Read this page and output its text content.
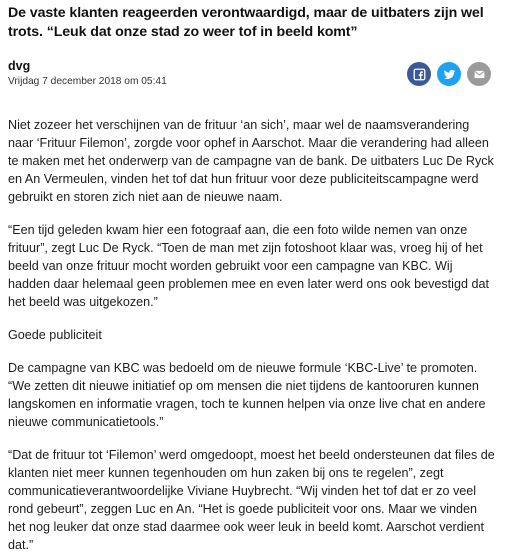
De vaste klanten reageerden verontwaardigd, maar de uitbaters zijn wel trots. “Leuk dat onze stad zo weer tof in beeld komt”

dvg
Vrijdag 7 december 2018 om 05:41

Niet zozeer het verschijnen van de frituur ‘an sich’, maar wel de naamsverandering naar ‘Frituur Filemon’, zorgde voor ophef in Aarschot. Maar die verandering had alleen te maken met het onderwerp van de campagne van de bank. De uitbaters Luc De Ryck en An Vermeulen, vinden het tof dat hun frituur voor deze publiciteitscampagne werd gebruikt en storen zich niet aan de nieuwe naam.

“Een tijd geleden kwam hier een fotograaf aan, die een foto wilde nemen van onze frituur”, zegt Luc De Ryck. “Toen de man met zijn fotoshoot klaar was, vroeg hij of het beeld van onze frituur mocht worden gebruikt voor een campagne van KBC. Wij hadden daar helemaal geen problemen mee en even later werd ons ook bevestigd dat het beeld was uitgekozen.”

Goede publiciteit

De campagne van KBC was bedoeld om de nieuwe formule ‘KBC-Live’ te promoten. “We zetten dit nieuwe initiatief op om mensen die niet tijdens de kantooruren kunnen langskomen en informatie vragen, toch te kunnen helpen via onze live chat en andere nieuwe communicatietools.”

“Dat de frituur tot ‘Filemon’ werd omgedoopt, moest het beeld ondersteunen dat files de klanten niet meer kunnen tegenhouden om hun zaken bij ons te regelen”, zegt communicatieverantwoordelijke Viviane Huybrecht. “Wij vinden het tof dat er zo veel rond gebeurt”, zeggen Luc en An. “Het is goede publiciteit voor ons. Maar we vinden het nog leuker dat onze stad daarmee ook weer leuk in beeld komt. Aarschot verdient dat.”
